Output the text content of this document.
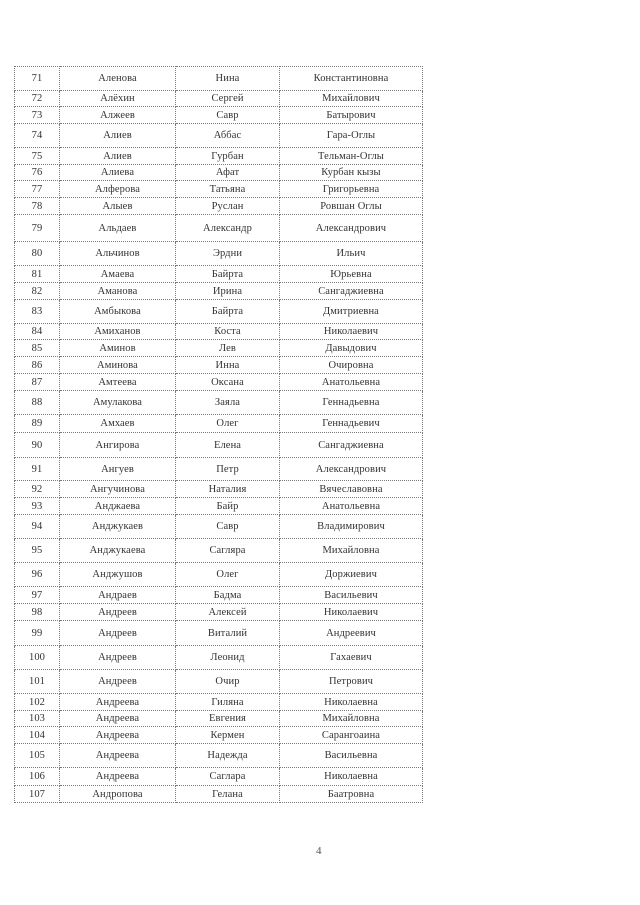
71	Аленова	Нина	Константиновна
72	Алёхин	Сергей	Михайлович
73	Алжеев	Савр	Батырович
74	Алиев	Аббас	Гара-Оглы
75	Алиев	Гурбан	Тельман-Оглы
76	Алиева	Афат	Курбан кызы
77	Алферова	Татьяна	Григорьевна
78	Алыев	Руслан	Ровшан Оглы
79	Альдаев	Александр	Александрович
80	Альчинов	Эрдни	Ильич
81	Амаева	Байрта	Юрьевна
82	Аманова	Ирина	Сангаджиевна
83	Амбыкова	Байрта	Дмитриевна
84	Амиханов	Коста	Николаевич
85	Аминов	Лев	Давыдович
86	Аминова	Инна	Очировна
87	Амтеева	Оксана	Анатольевна
88	Амулакова	Заяла	Геннадьевна
89	Амхаев	Олег	Геннадьевич
90	Ангирова	Елена	Сангаджиевна
91	Ангуев	Петр	Александрович
92	Ангучинова	Наталия	Вячеславовна
93	Анджаева	Байр	Анатольевна
94	Анджукаев	Савр	Владимирович
95	Анджукаева	Сагляра	Михайловна
96	Анджушов	Олег	Доржиевич
97	Андраев	Бадма	Васильевич
98	Андреев	Алексей	Николаевич
99	Андреев	Виталий	Андреевич
100	Андреев	Леонид	Гахаевич
101	Андреев	Очир	Петрович
102	Андреева	Гиляна	Николаевна
103	Андреева	Евгения	Михайловна
104	Андреева	Кермен	Сарангоаина
105	Андреева	Надежда	Васильевна
106	Андреева	Саглара	Николаевна
107	Андропова	Гелана	Баатровна
4
